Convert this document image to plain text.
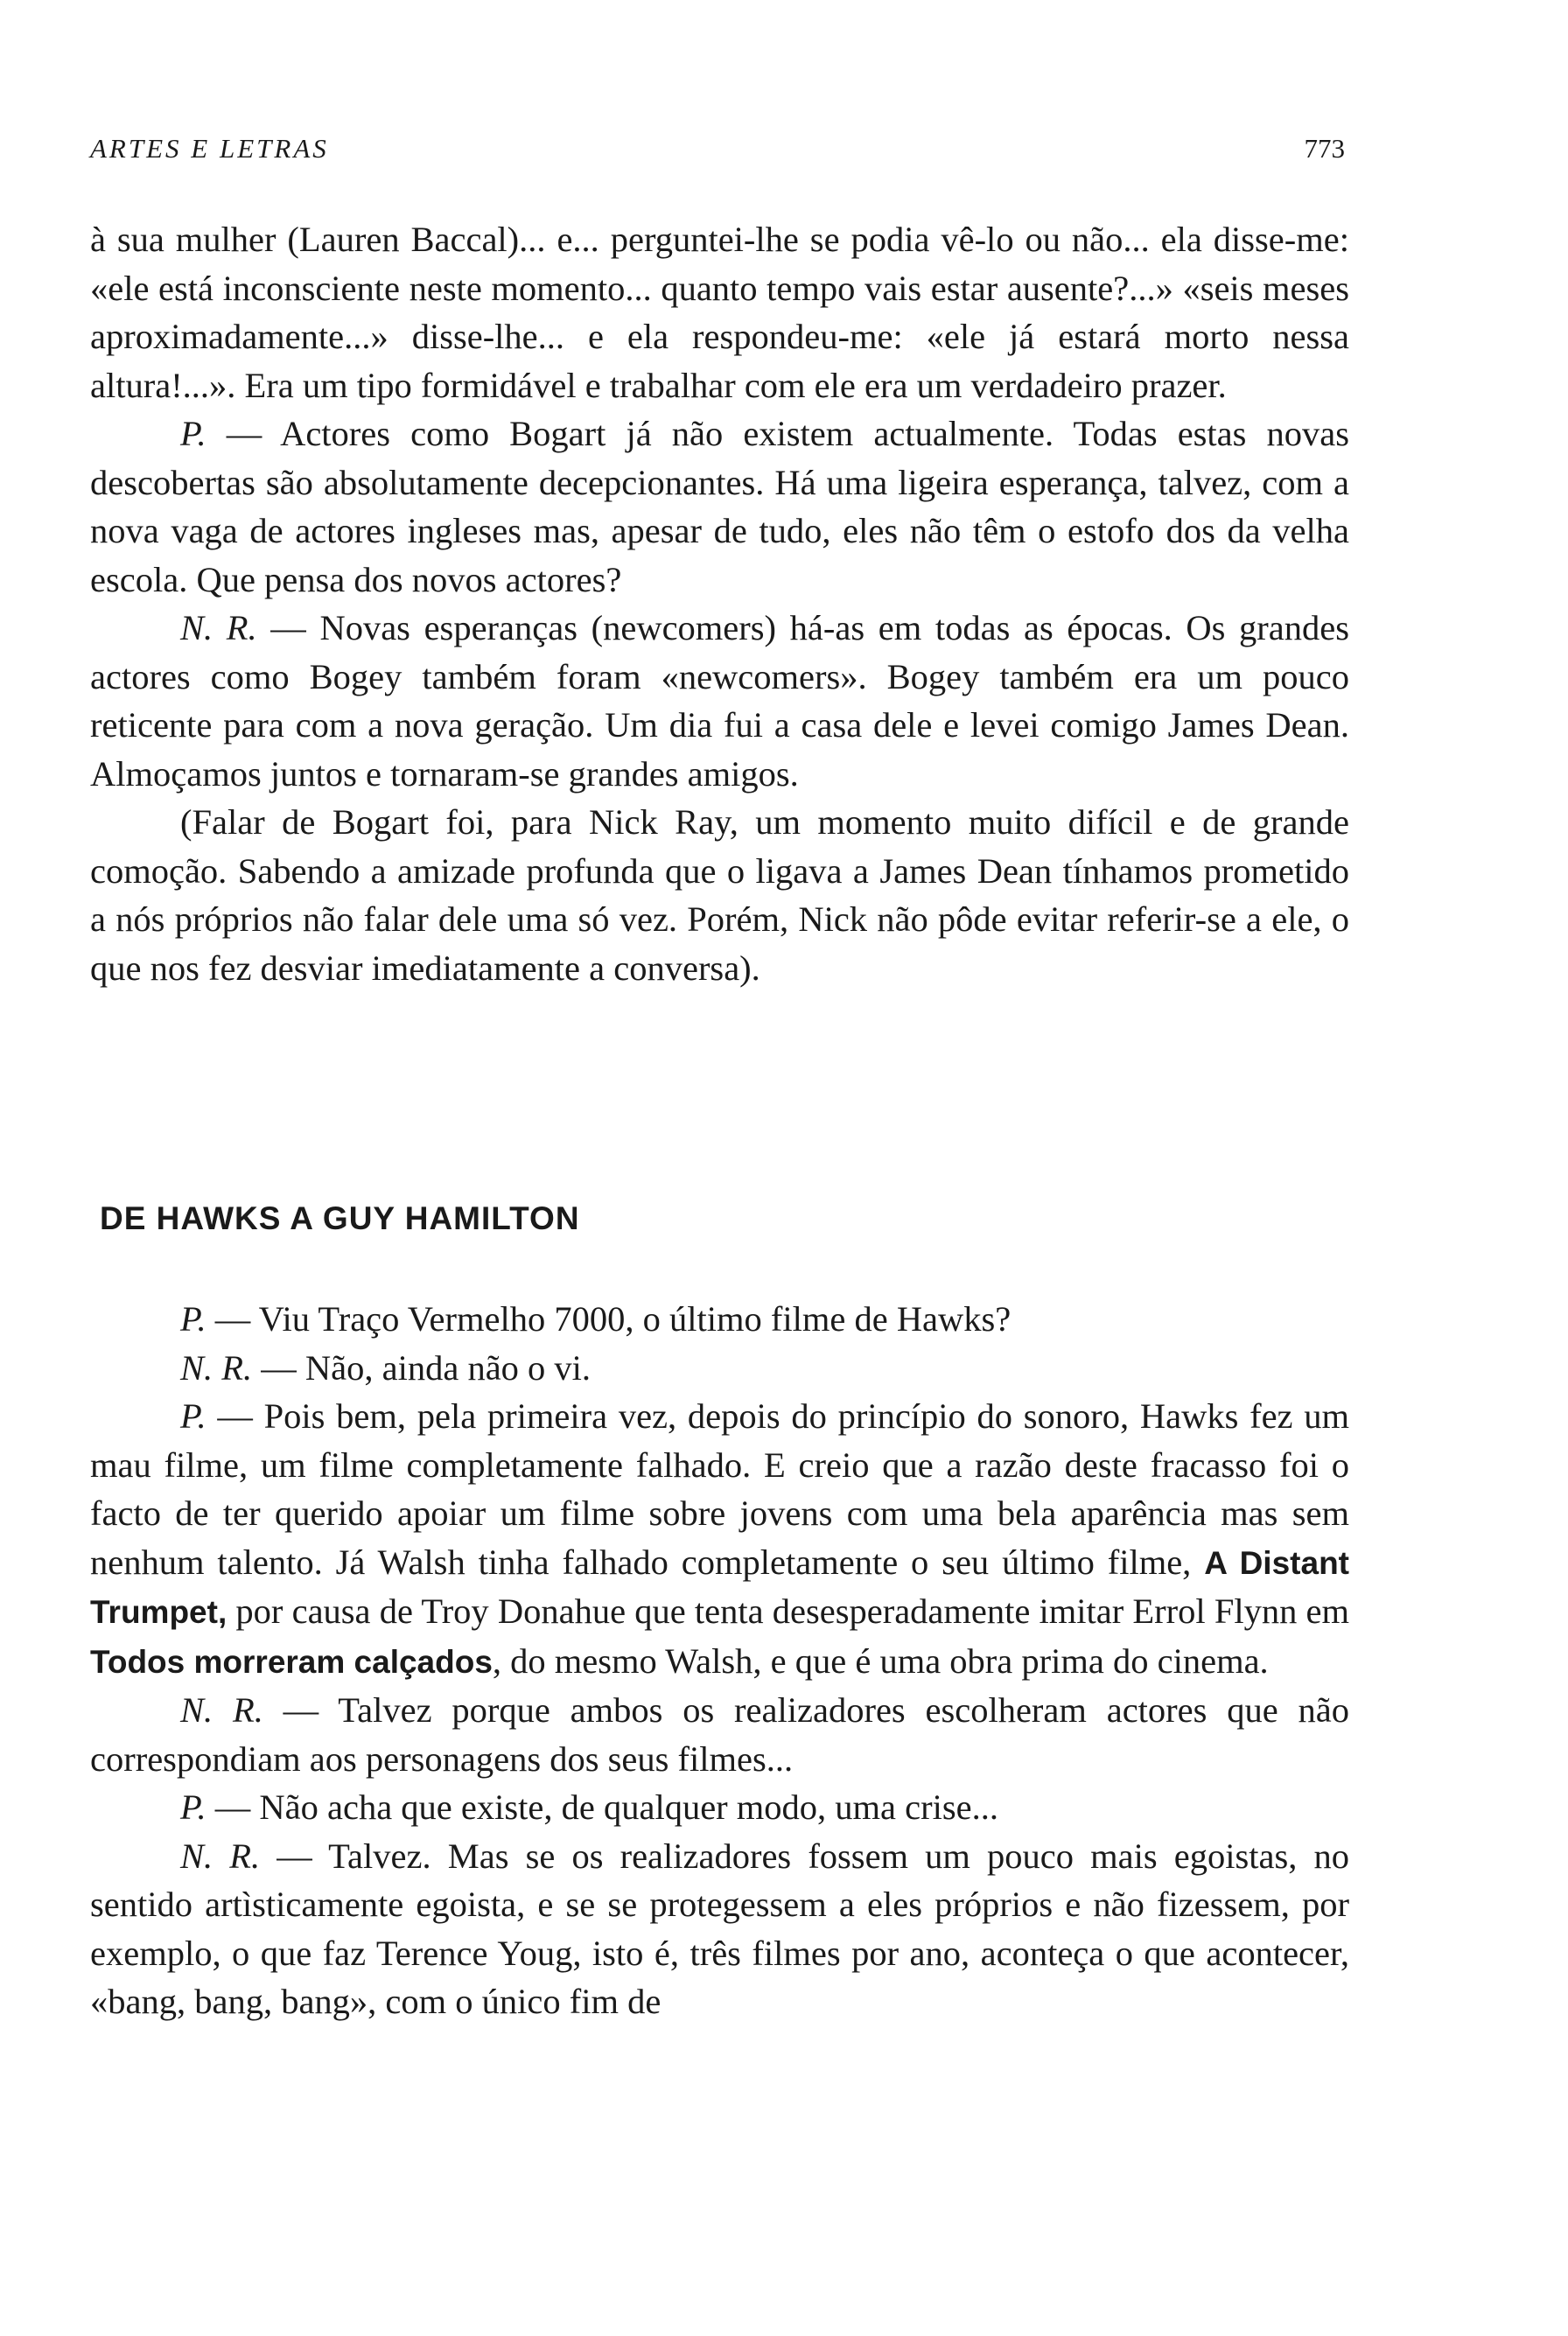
ARTES E LETRAS	773

à sua mulher (Lauren Baccal)... e... perguntei-lhe se podia vê-lo ou não... ela disse-me: «ele está inconsciente neste momento... quanto tempo vais estar ausente?...» «seis meses aproximadamente...» disse-lhe... e ela respondeu-me: «ele já estará morto nessa altura!...». Era um tipo formidável e trabalhar com ele era um verdadeiro prazer.

P. — Actores como Bogart já não existem actualmente. Todas estas novas descobertas são absolutamente decepcionantes. Há uma ligeira esperança, talvez, com a nova vaga de actores ingleses mas, apesar de tudo, eles não têm o estofo dos da velha escola. Que pensa dos novos actores?

N. R. — Novas esperanças (newcomers) há-as em todas as épocas. Os grandes actores como Bogey também foram «newcomers». Bogey também era um pouco reticente para com a nova geração. Um dia fui a casa dele e levei comigo James Dean. Almoçamos juntos e tornaram-se grandes amigos.

(Falar de Bogart foi, para Nick Ray, um momento muito difícil e de grande comoção. Sabendo a amizade profunda que o ligava a James Dean tínhamos prometido a nós próprios não falar dele uma só vez. Porém, Nick não pôde evitar referir-se a ele, o que nos fez desviar imediatamente a conversa).

DE HAWKS A GUY HAMILTON

P. — Viu Traço Vermelho 7000, o último filme de Hawks?

N. R. — Não, ainda não o vi.

P. — Pois bem, pela primeira vez, depois do princípio do sonoro, Hawks fez um mau filme, um filme completamente falhado. E creio que a razão deste fracasso foi o facto de ter querido apoiar um filme sobre jovens com uma bela aparência mas sem nenhum talento. Já Walsh tinha falhado completamente o seu último filme, A Distant Trumpet, por causa de Troy Donahue que tenta desesperadamente imitar Errol Flynn em Todos morreram calçados, do mesmo Walsh, e que é uma obra prima do cinema.

N. R. — Talvez porque ambos os realizadores escolheram actores que não correspondiam aos personagens dos seus filmes...

P. — Não acha que existe, de qualquer modo, uma crise...

N. R. — Talvez. Mas se os realizadores fossem um pouco mais egoistas, no sentido artìsticamente egoista, e se se protegessem a eles próprios e não fizessem, por exemplo, o que faz Terence Youg, isto é, três filmes por ano, aconteça o que acontecer, «bang, bang, bang», com o único fim de
